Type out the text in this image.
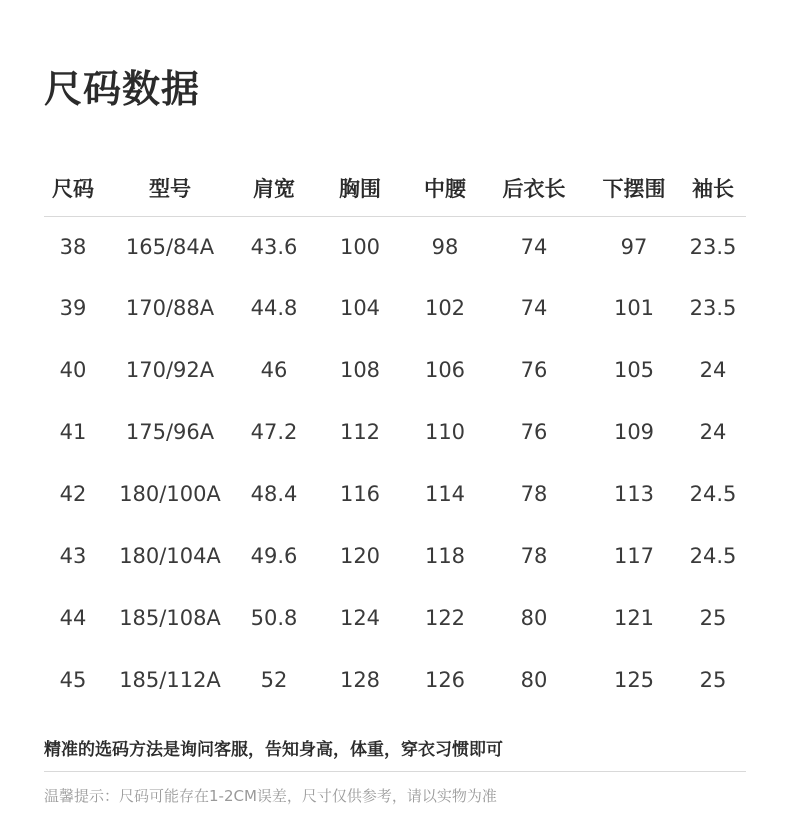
尺码数据
尺码	型号	肩宽	胸围	中腰	后衣长	下摆围	袖长
38	165/84A	43.6	100	98	74	97	23.5
39	170/88A	44.8	104	102	74	101	23.5
40	170/92A	46	108	106	76	105	24
41	175/96A	47.2	112	110	76	109	24
42	180/100A	48.4	116	114	78	113	24.5
43	180/104A	49.6	120	118	78	117	24.5
44	185/108A	50.8	124	122	80	121	25
45	185/112A	52	128	126	80	125	25
精准的选码方法是询问客服，告知身高，体重，穿衣习惯即可
温馨提示：尺码可能存在1-2CM误差，尺寸仅供参考，请以实物为准
